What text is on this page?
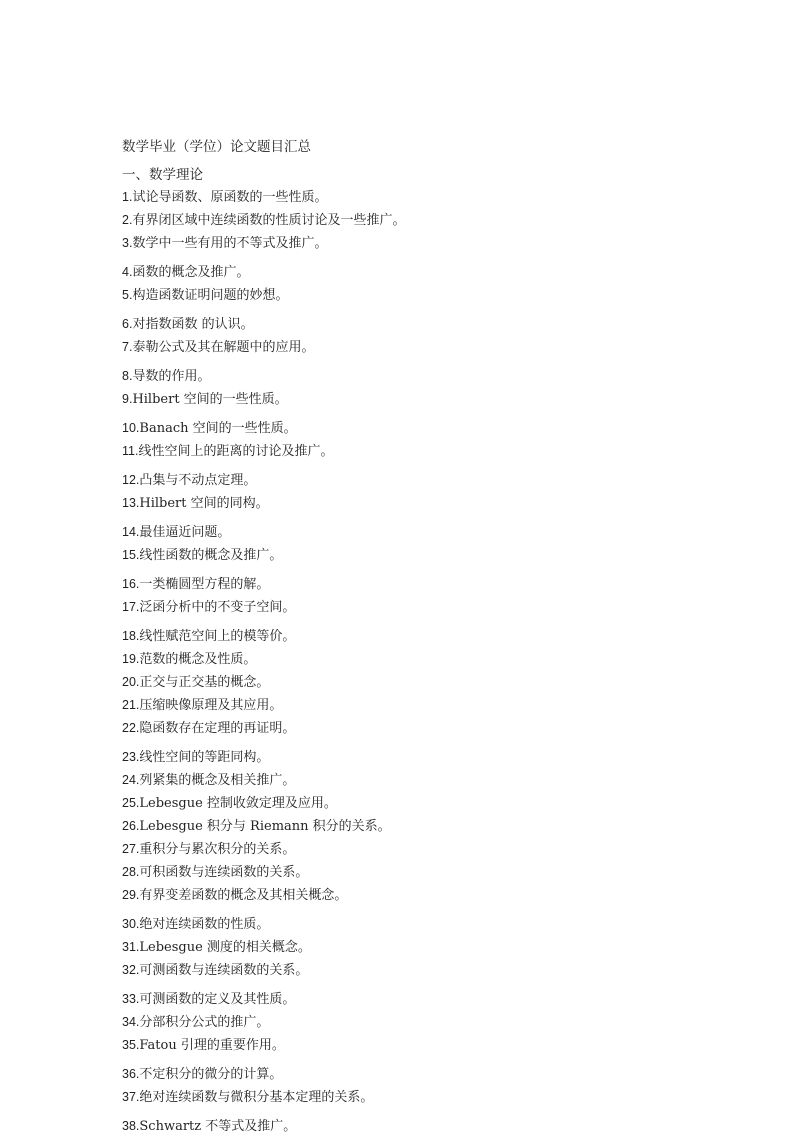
数学毕业（学位）论文题目汇总
一、数学理论
1.试论导函数、原函数的一些性质。
2.有界闭区域中连续函数的性质讨论及一些推广。
3.数学中一些有用的不等式及推广。
4.函数的概念及推广。
5.构造函数证明问题的妙想。
6.对指数函数 的认识。
7.泰勒公式及其在解题中的应用。
8.导数的作用。
9.Hilbert 空间的一些性质。
10.Banach 空间的一些性质。
11.线性空间上的距离的讨论及推广。
12.凸集与不动点定理。
13.Hilbert 空间的同构。
14.最佳逼近问题。
15.线性函数的概念及推广。
16.一类椭圆型方程的解。
17.泛函分析中的不变子空间。
18.线性赋范空间上的模等价。
19.范数的概念及性质。
20.正交与正交基的概念。
21.压缩映像原理及其应用。
22.隐函数存在定理的再证明。
23.线性空间的等距同构。
24.列紧集的概念及相关推广。
25.Lebesgue 控制收敛定理及应用。
26.Lebesgue 积分与 Riemann 积分的关系。
27.重积分与累次积分的关系。
28.可积函数与连续函数的关系。
29.有界变差函数的概念及其相关概念。
30.绝对连续函数的性质。
31.Lebesgue 测度的相关概念。
32.可测函数与连续函数的关系。
33.可测函数的定义及其性质。
34.分部积分公式的推广。
35.Fatou 引理的重要作用。
36.不定积分的微分的计算。
37.绝对连续函数与微积分基本定理的关系。
38.Schwartz 不等式及推广。
